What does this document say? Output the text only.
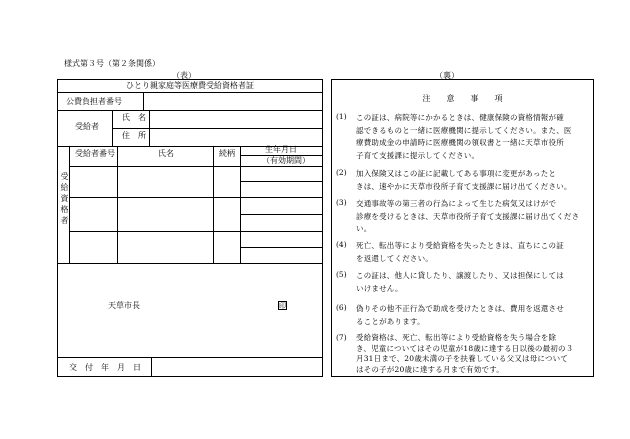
様式第３号（第２条関係）
（表）
ひとり親家庭等医療費受給資格者証
公費負担者番号
受給者
氏　名
住　所
受給資格者
受給者番号	氏名	続柄	生年月日
（有効期間）
天草市長	印
交　付　年　月　日
（裏）
注　　意　　事　　項
(1) この証は、病院等にかかるときは、健康保険の資格情報が確
認できるものと一緒に医療機関に提示してください。また、医
療費助成金の申請時に医療機関の領収書と一緒に天草市役所
子育て支援課に提示してください。
(2) 加入保険又はこの証に記載してある事項に変更があったと
きは、速やかに天草市役所子育て支援課に届け出てください。
(3) 交通事故等の第三者の行為によって生じた病気又はけがで
診療を受けるときは、天草市役所子育て支援課に届け出てくださ
い。
(4) 死亡、転出等により受給資格を失ったときは、直ちにこの証
を返還してください。
(5) この証は、他人に貸したり、譲渡したり、又は担保にしては
いけません。
(6) 偽りその他不正行為で助成を受けたときは、費用を返還させ
ることがあります。
(7) 受給資格は、死亡、転出等により受給資格を失う場合を除
き、児童についてはその児童が18歳に達する日以後の最初の３
月31日まで、20歳未満の子を扶養している父又は母について
はその子が20歳に達する月まで有効です。
